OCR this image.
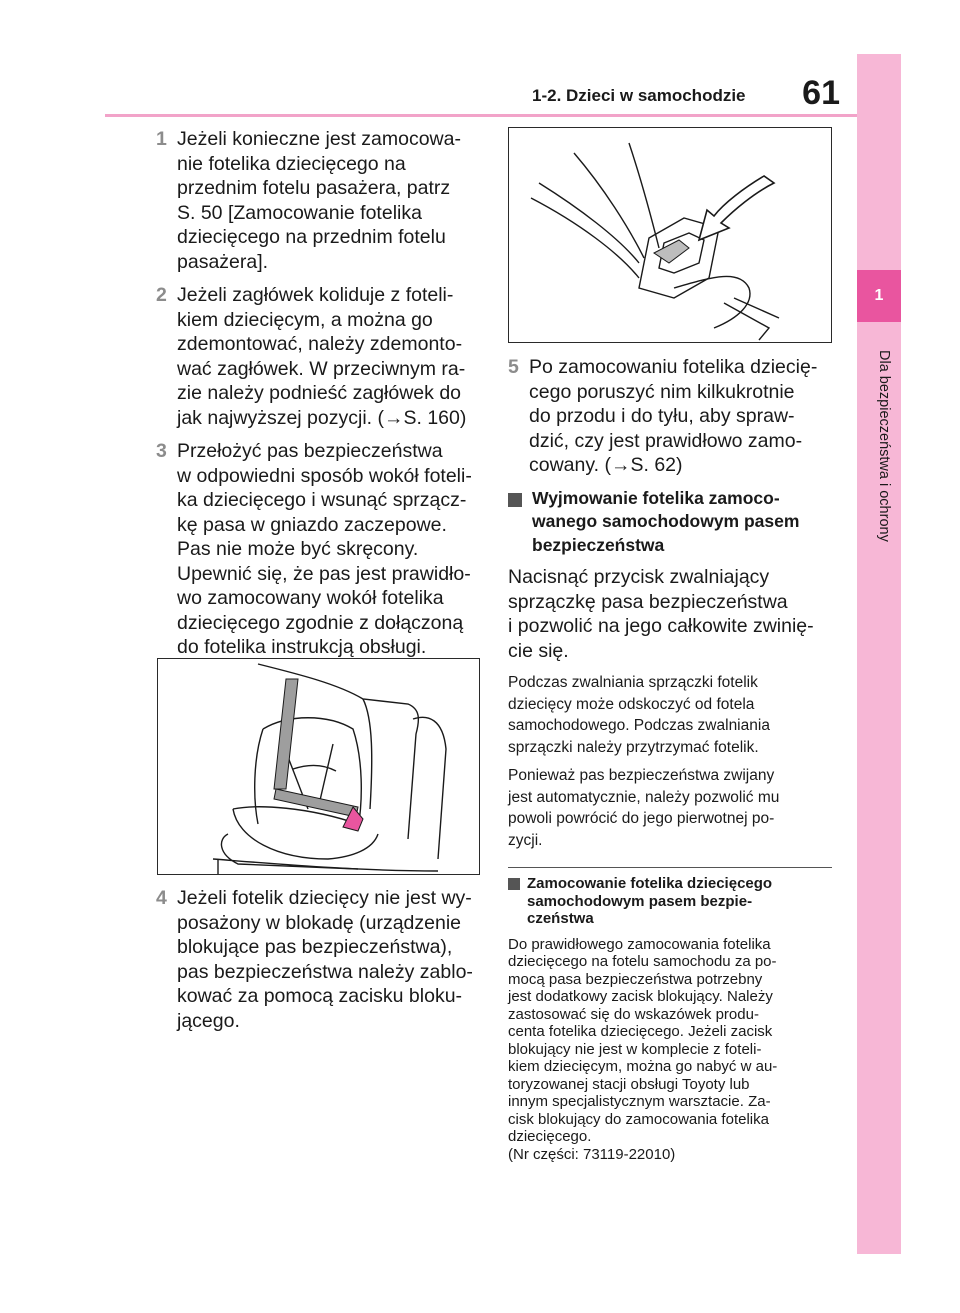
1-2. Dzieci w samochodzie	61
1
Dla bezpieczeństwa i ochrony
1 Jeżeli konieczne jest zamocowa-
nie fotelika dziecięcego na
przednim fotelu pasażera, patrz
S. 50 [Zamocowanie fotelika
dziecięcego na przednim fotelu
pasażera].
2 Jeżeli zagłówek koliduje z foteli-
kiem dziecięcym, a można go
zdemontować, należy zdemonto-
wać zagłówek. W przeciwnym ra-
zie należy podnieść zagłówek do
jak najwyższej pozycji. (→S. 160)
3 Przełożyć pas bezpieczeństwa
w odpowiedni sposób wokół foteli-
ka dziecięcego i wsunąć sprzącz-
kę pasa w gniazdo zaczepowe.
Pas nie może być skręcony.
Upewnić się, że pas jest prawidło-
wo zamocowany wokół fotelika
dziecięcego zgodnie z dołączoną
do fotelika instrukcją obsługi.
4 Jeżeli fotelik dziecięcy nie jest wy-
posażony w blokadę (urządzenie
blokujące pas bezpieczeństwa),
pas bezpieczeństwa należy zablo-
kować za pomocą zacisku bloku-
jącego.
5 Po zamocowaniu fotelika dziecię-
cego poruszyć nim kilkukrotnie
do przodu i do tyłu, aby spraw-
dzić, czy jest prawidłowo zamo-
cowany. (→S. 62)
Wyjmowanie fotelika zamoco-
wanego samochodowym pasem
bezpieczeństwa
Nacisnąć przycisk zwalniający
sprzączkę pasa bezpieczeństwa
i pozwolić na jego całkowite zwinię-
cie się.
Podczas zwalniania sprzączki fotelik
dziecięcy może odskoczyć od fotela
samochodowego. Podczas zwalniania
sprzączki należy przytrzymać fotelik.
Ponieważ pas bezpieczeństwa zwijany
jest automatycznie, należy pozwolić mu
powoli powrócić do jego pierwotnej po-
zycji.
Zamocowanie fotelika dziecięcego
samochodowym pasem bezpie-
czeństwa
Do prawidłowego zamocowania fotelika
dziecięcego na fotelu samochodu za po-
mocą pasa bezpieczeństwa potrzebny
jest dodatkowy zacisk blokujący. Należy
zastosować się do wskazówek produ-
centa fotelika dziecięcego. Jeżeli zacisk
blokujący nie jest w komplecie z foteli-
kiem dziecięcym, można go nabyć w au-
toryzowanej stacji obsługi Toyoty lub
innym specjalistycznym warsztacie. Za-
cisk blokujący do zamocowania fotelika
dziecięcego.
(Nr części: 73119-22010)
